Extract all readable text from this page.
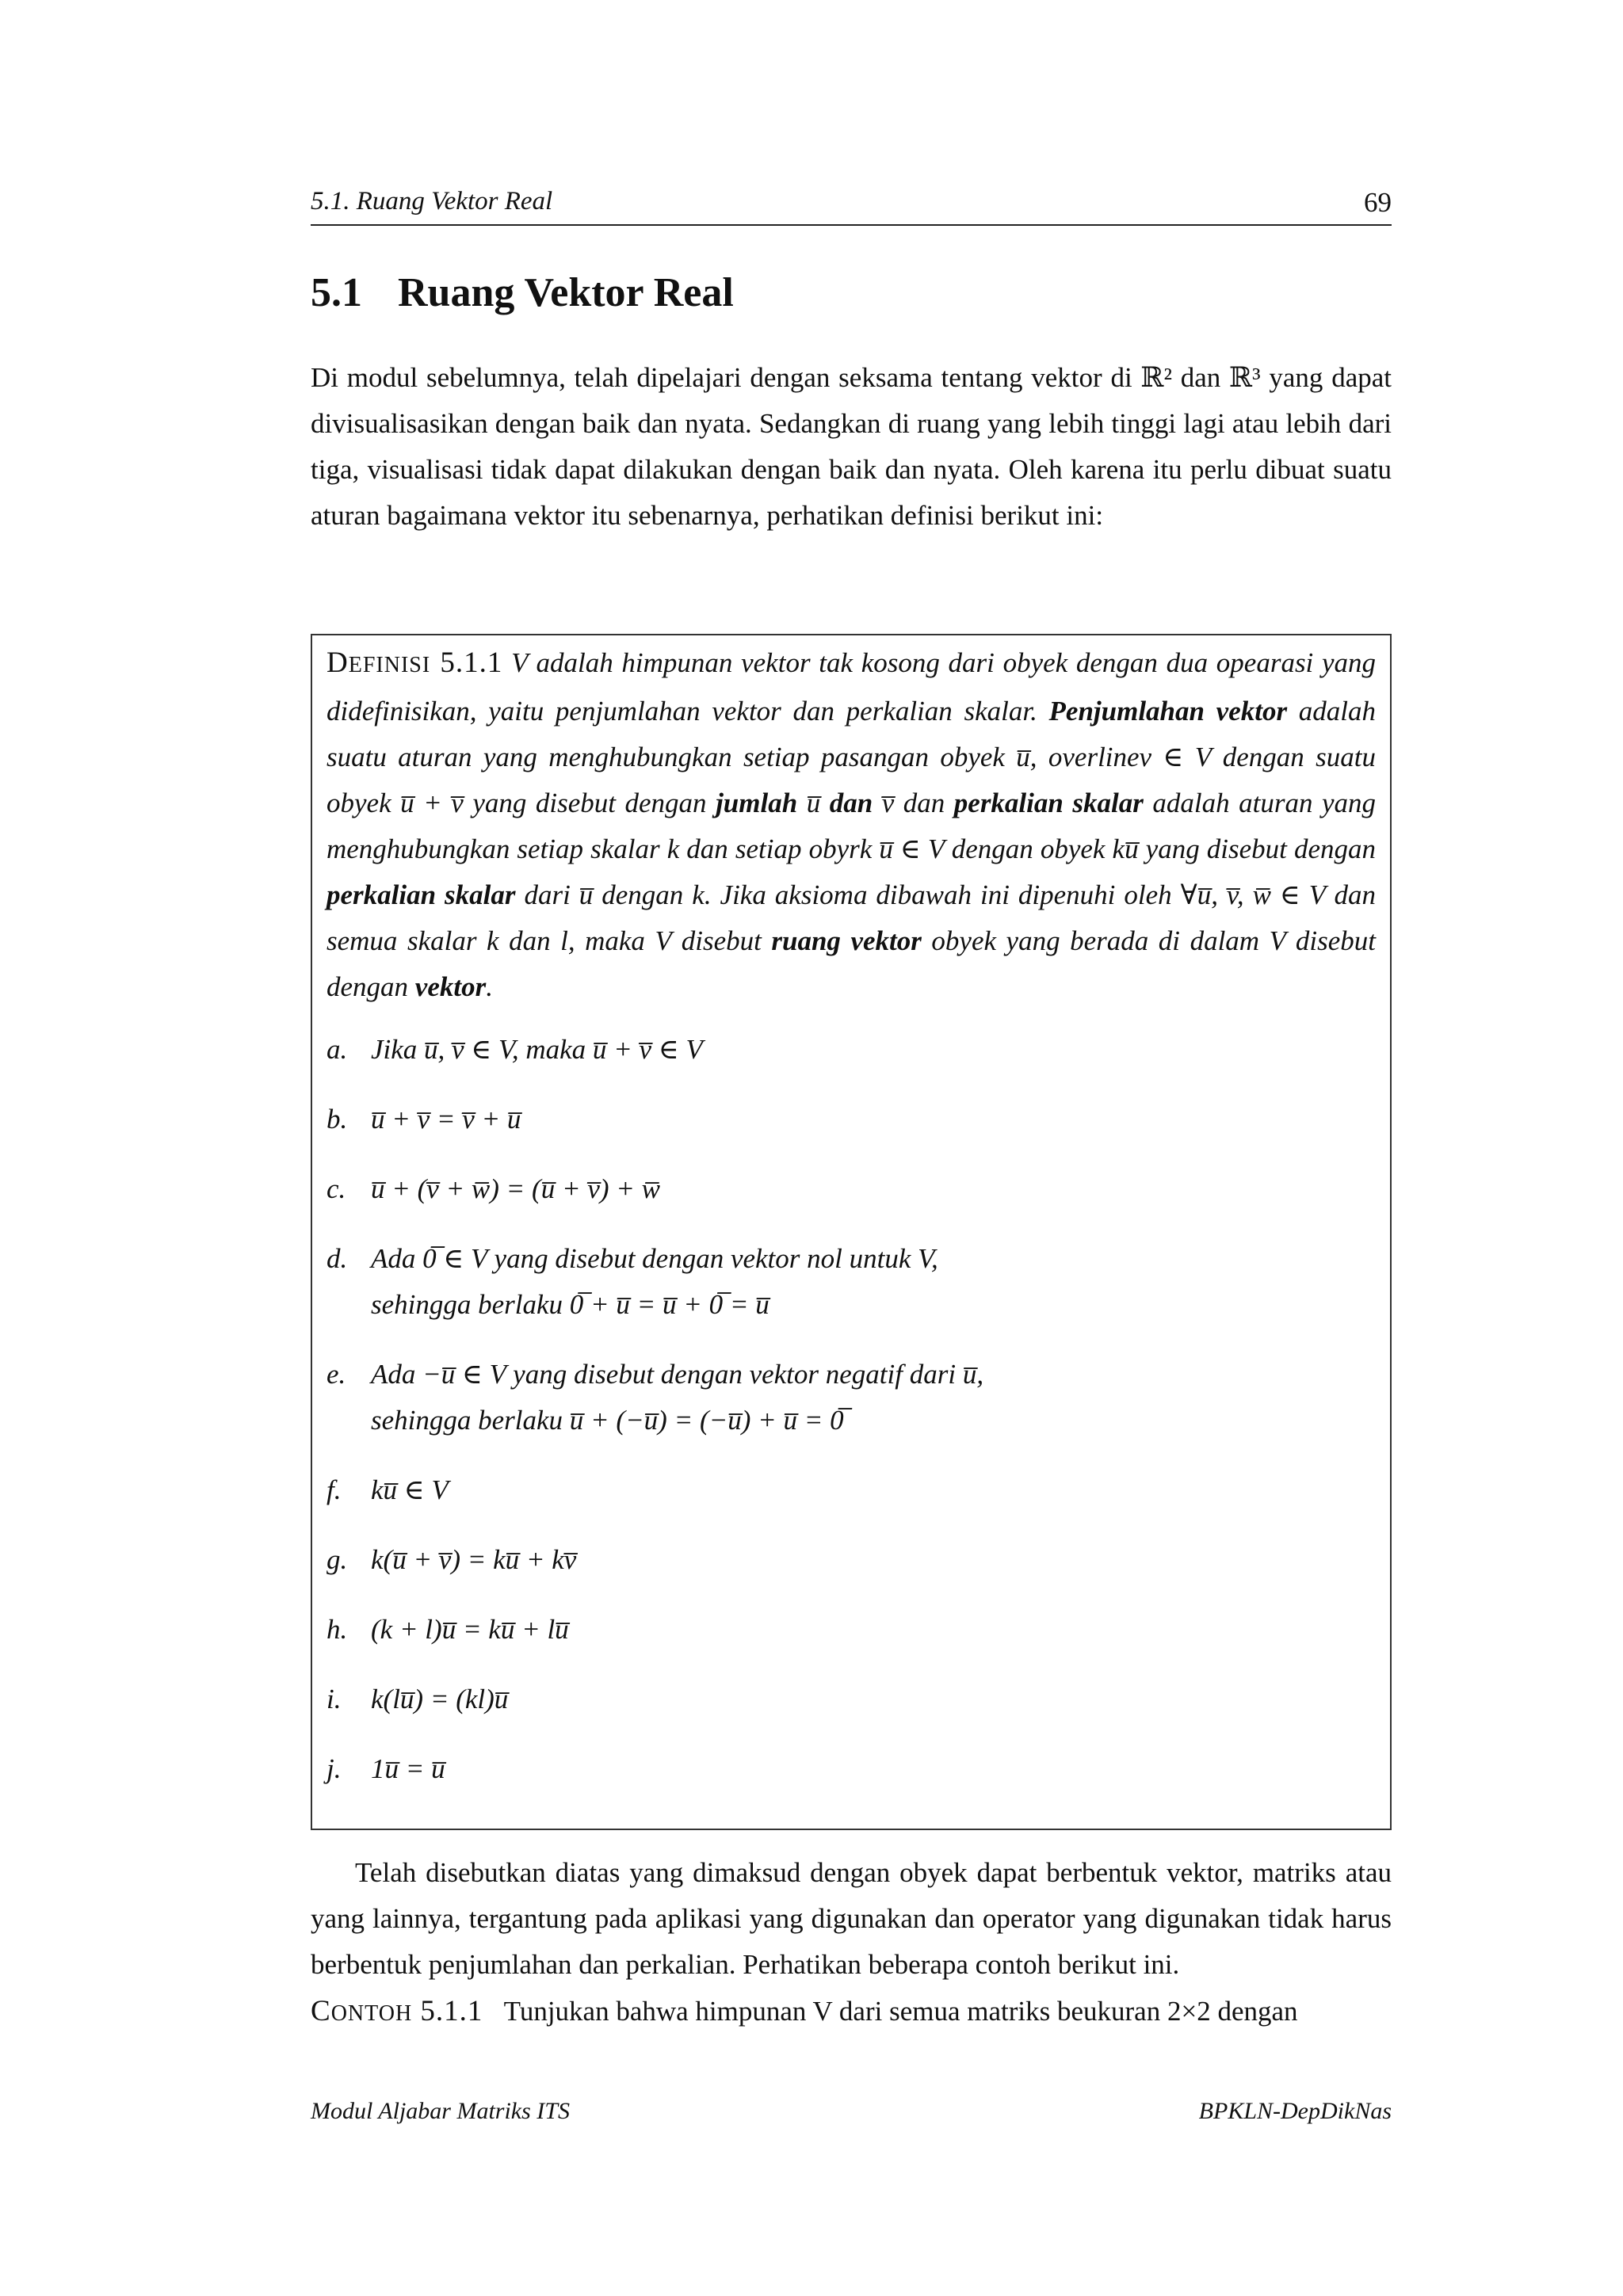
5.1. Ruang Vektor Real	69
5.1 Ruang Vektor Real
Di modul sebelumnya, telah dipelajari dengan seksama tentang vektor di ℝ² dan ℝ³ yang dapat divisualisasikan dengan baik dan nyata. Sedangkan di ruang yang lebih tinggi lagi atau lebih dari tiga, visualisasi tidak dapat dilakukan dengan baik dan nyata. Oleh karena itu perlu dibuat suatu aturan bagaimana vektor itu sebenarnya, perhatikan definisi berikut ini:
DEFINISI 5.1.1 V adalah himpunan vektor tak kosong dari obyek dengan dua opearasi yang didefinisikan, yaitu penjumlahan vektor dan perkalian skalar. Penjumlahan vektor adalah suatu aturan yang menghubungkan setiap pasangan obyek u̅, overlinev ∈ V dengan suatu obyek u̅ + v̅ yang disebut dengan jumlah u̅ dan v̅ dan perkalian skalar adalah aturan yang menghubungkan setiap skalar k dan setiap obyrk u̅ ∈ V dengan obyek ku̅ yang disebut dengan perkalian skalar dari u̅ dengan k. Jika aksioma dibawah ini dipenuhi oleh ∀u̅, v̅, w̅ ∈ V dan semua skalar k dan l, maka V disebut ruang vektor obyek yang berada di dalam V disebut dengan vektor.
a. Jika u̅, v̅ ∈ V, maka u̅ + v̅ ∈ V
b. u̅ + v̅ = v̅ + u̅
c. u̅ + (v̅ + w̅) = (u̅ + v̅) + w̅
d. Ada 0̅ ∈ V yang disebut dengan vektor nol untuk V,
sehingga berlaku 0̅ + u̅ = u̅ + 0̅ = u̅
e. Ada −u̅ ∈ V yang disebut dengan vektor negatif dari u̅,
sehingga berlaku u̅ + (−u̅) = (−u̅) + u̅ = 0̅
f. ku̅ ∈ V
g. k(u̅ + v̅) = ku̅ + kv̅
h. (k + l)u̅ = ku̅ + lu̅
i. k(lu̅) = (kl)u̅
j. 1u̅ = u̅
Telah disebutkan diatas yang dimaksud dengan obyek dapat berbentuk vektor, matriks atau yang lainnya, tergantung pada aplikasi yang digunakan dan operator yang digunakan tidak harus berbentuk penjumlahan dan perkalian. Perhatikan beberapa contoh berikut ini.
CONTOH 5.1.1 Tunjukan bahwa himpunan V dari semua matriks beukuran 2×2 dengan
Modul Aljabar Matriks ITS	BPKLN-DepDikNas
